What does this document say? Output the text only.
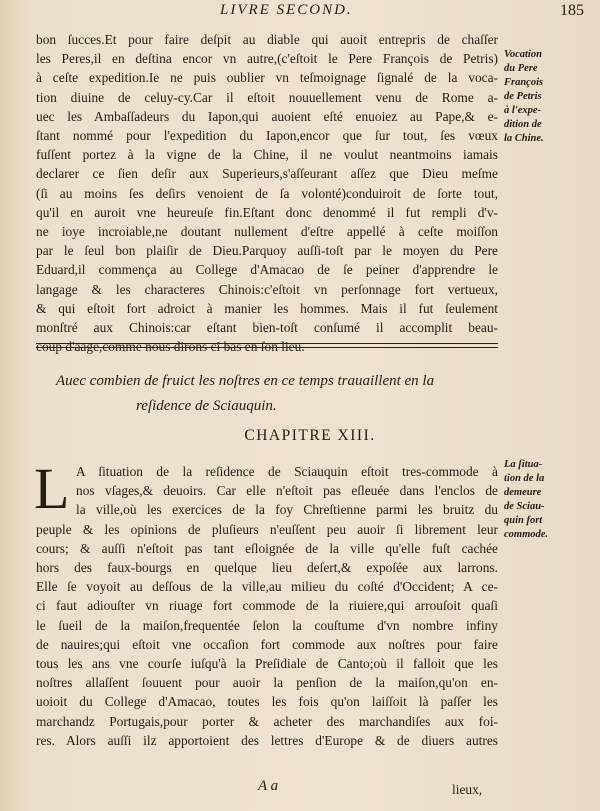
LIVRE SECOND.	185
bon ſucces.Et pour faire deſpit au diable qui auoit entrepris de chaſſer
les Peres,il en deſtina encor vn autre,(c'eſtoit le Pere François de Petris)
à ceſte expedition.Ie ne puis oublier vn teſmoignage ſignalé de la voca-
tion diuine de celuy-cy.Car il eſtoit nouuellement venu de Rome a-
uec les Ambaſſadeurs du Iapon,qui auoient eſté enuoiez au Pape,& e-
ſtant nommé pour l'expedition du Iapon,encor que ſur tout, ſes vœux
fuſſent portez à la vigne de la Chine, il ne voulut neantmoins iamais
declarer ce ſien deſir aux Superieurs,s'aſſeurant aſſez que Dieu meſme
(ſi au moins ſes deſirs venoient de ſa volonté)conduiroit de ſorte tout,
qu'il en auroit vne heureuſe fin.Eſtant donc denommé il fut rempli d'v-
ne ioye incroiable,ne doutant nullement d'eſtre appellé à ceſte moiſſon
par le ſeul bon plaiſir de Dieu.Parquoy auſſi-toſt par le moyen du Pere
Eduard,il commença au College d'Amacao de ſe peiner d'apprendre le
langage & les characteres Chinois:c'eſtoit vn perſonnage fort vertueux,
& qui eſtoit fort adroict à manier les hommes. Mais il fut ſeulement
monſtré aux Chinois:car eſtant bien-toſt conſumé il accomplit beau-
coup d'aage,comme nous dirons ci bas en ſon lieu.
Vocation
du Pere
François
de Petris
à l'expe-
dition de
la Chine.
Auec combien de fruict les noſtres en ce temps trauaillent en la
reſidence de Sciauquin.
CHAPITRE XIII.
L A ſituation de la reſidence de Sciauquin eſtoit tres-commode à
nos vſages,& deuoirs. Car elle n'eſtoit pas eſleuée dans l'enclos de
la ville,où les exercices de la foy Chreſtienne parmi les bruitz du
peuple & les opinions de pluſieurs n'euſſent peu auoir ſi librement leur
cours; & auſſi n'eſtoit pas tant eſloignée de la ville qu'elle fuſt cachée
hors des faux-bourgs en quelque lieu deſert,& expoſée aux larrons.
Elle ſe voyoit au deſſous de la ville,au milieu du coſté d'Occident; A ce-
ci faut adiouſter vn riuage fort commode de la riuiere,qui arrouſoit quaſi
le ſueil de la maiſon,frequentée ſelon la couſtume d'vn nombre infiny
de nauires;qui eſtoit vne occaſion fort commode aux noſtres pour faire
tous les ans vne courſe iuſqu'à la Preſidiale de Canto;où il falloit que les
noſtres allaſſent ſouuent pour auoir la penſion de la maiſon,qu'on en-
uoioit du College d'Amacao, toutes les fois qu'on laiſſoit là paſſer les
marchandz Portugais,pour porter & acheter des marchandiſes aux foi-
res. Alors auſſi ilz apportoient des lettres d'Europe & de diuers autres
La ſitua-
tion de la
demeure
de Sciau-
quin fort
commode.
A a	lieux,
